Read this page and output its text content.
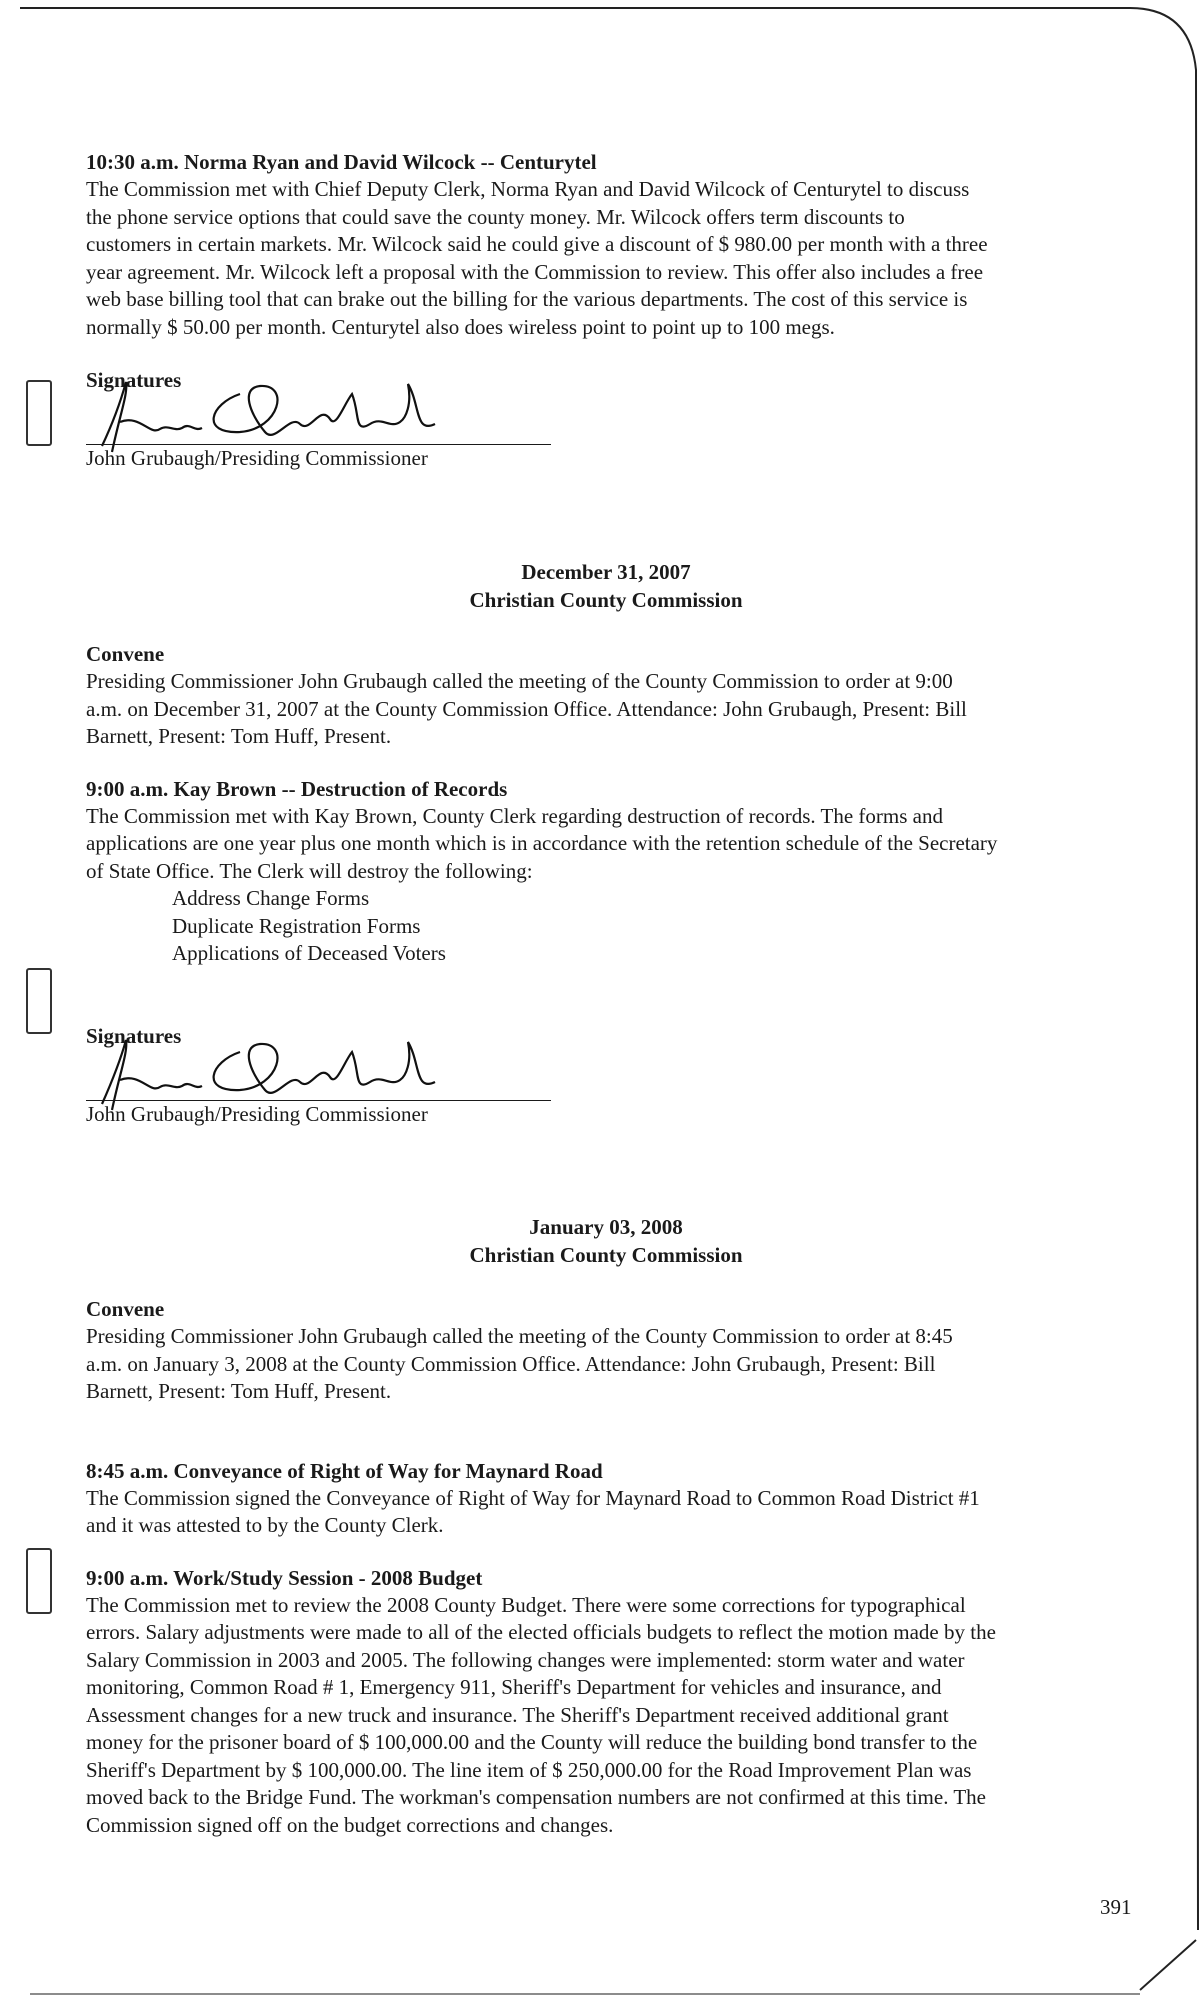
10:30 a.m. Norma Ryan and David Wilcock -- Centurytel

The Commission met with Chief Deputy Clerk, Norma Ryan and David Wilcock of Centurytel to discuss

the phone service options that could save the county money. Mr. Wilcock offers term discounts to

customers in certain markets. Mr. Wilcock said he could give a discount of $ 980.00 per month with a three

year agreement. Mr. Wilcock left a proposal with the Commission to review. This offer also includes a free

web base billing tool that can brake out the billing for the various departments. The cost of this service is

normally $ 50.00 per month. Centurytel also does wireless point to point up to 100 megs.

Signatures
John Grubaugh/Presiding Commissioner

December 31, 2007

Christian County Commission

Convene

Presiding Commissioner John Grubaugh called the meeting of the County Commission to order at 9:00

a.m. on December 31, 2007 at the County Commission Office. Attendance: John Grubaugh, Present: Bill

Barnett, Present: Tom Huff, Present.

9:00 a.m. Kay Brown -- Destruction of Records

The Commission met with Kay Brown, County Clerk regarding destruction of records. The forms and

applications are one year plus one month which is in accordance with the retention schedule of the Secretary

of State Office. The Clerk will destroy the following:

Address Change Forms

Duplicate Registration Forms

Applications of Deceased Voters

Signatures
John Grubaugh/Presiding Commissioner

January 03, 2008

Christian County Commission

Convene

Presiding Commissioner John Grubaugh called the meeting of the County Commission to order at 8:45

a.m. on January 3, 2008 at the County Commission Office. Attendance: John Grubaugh, Present: Bill

Barnett, Present: Tom Huff, Present.

8:45 a.m. Conveyance of Right of Way for Maynard Road

The Commission signed the Conveyance of Right of Way for Maynard Road to Common Road District #1

and it was attested to by the County Clerk.

9:00 a.m. Work/Study Session - 2008 Budget

The Commission met to review the 2008 County Budget. There were some corrections for typographical

errors. Salary adjustments were made to all of the elected officials budgets to reflect the motion made by the

Salary Commission in 2003 and 2005. The following changes were implemented: storm water and water

monitoring, Common Road # 1, Emergency 911, Sheriff's Department for vehicles and insurance, and

Assessment changes for a new truck and insurance. The Sheriff's Department received additional grant

money for the prisoner board of $ 100,000.00 and the County will reduce the building bond transfer to the

Sheriff's Department by $ 100,000.00. The line item of $ 250,000.00 for the Road Improvement Plan was

moved back to the Bridge Fund. The workman's compensation numbers are not confirmed at this time. The

Commission signed off on the budget corrections and changes.

391
